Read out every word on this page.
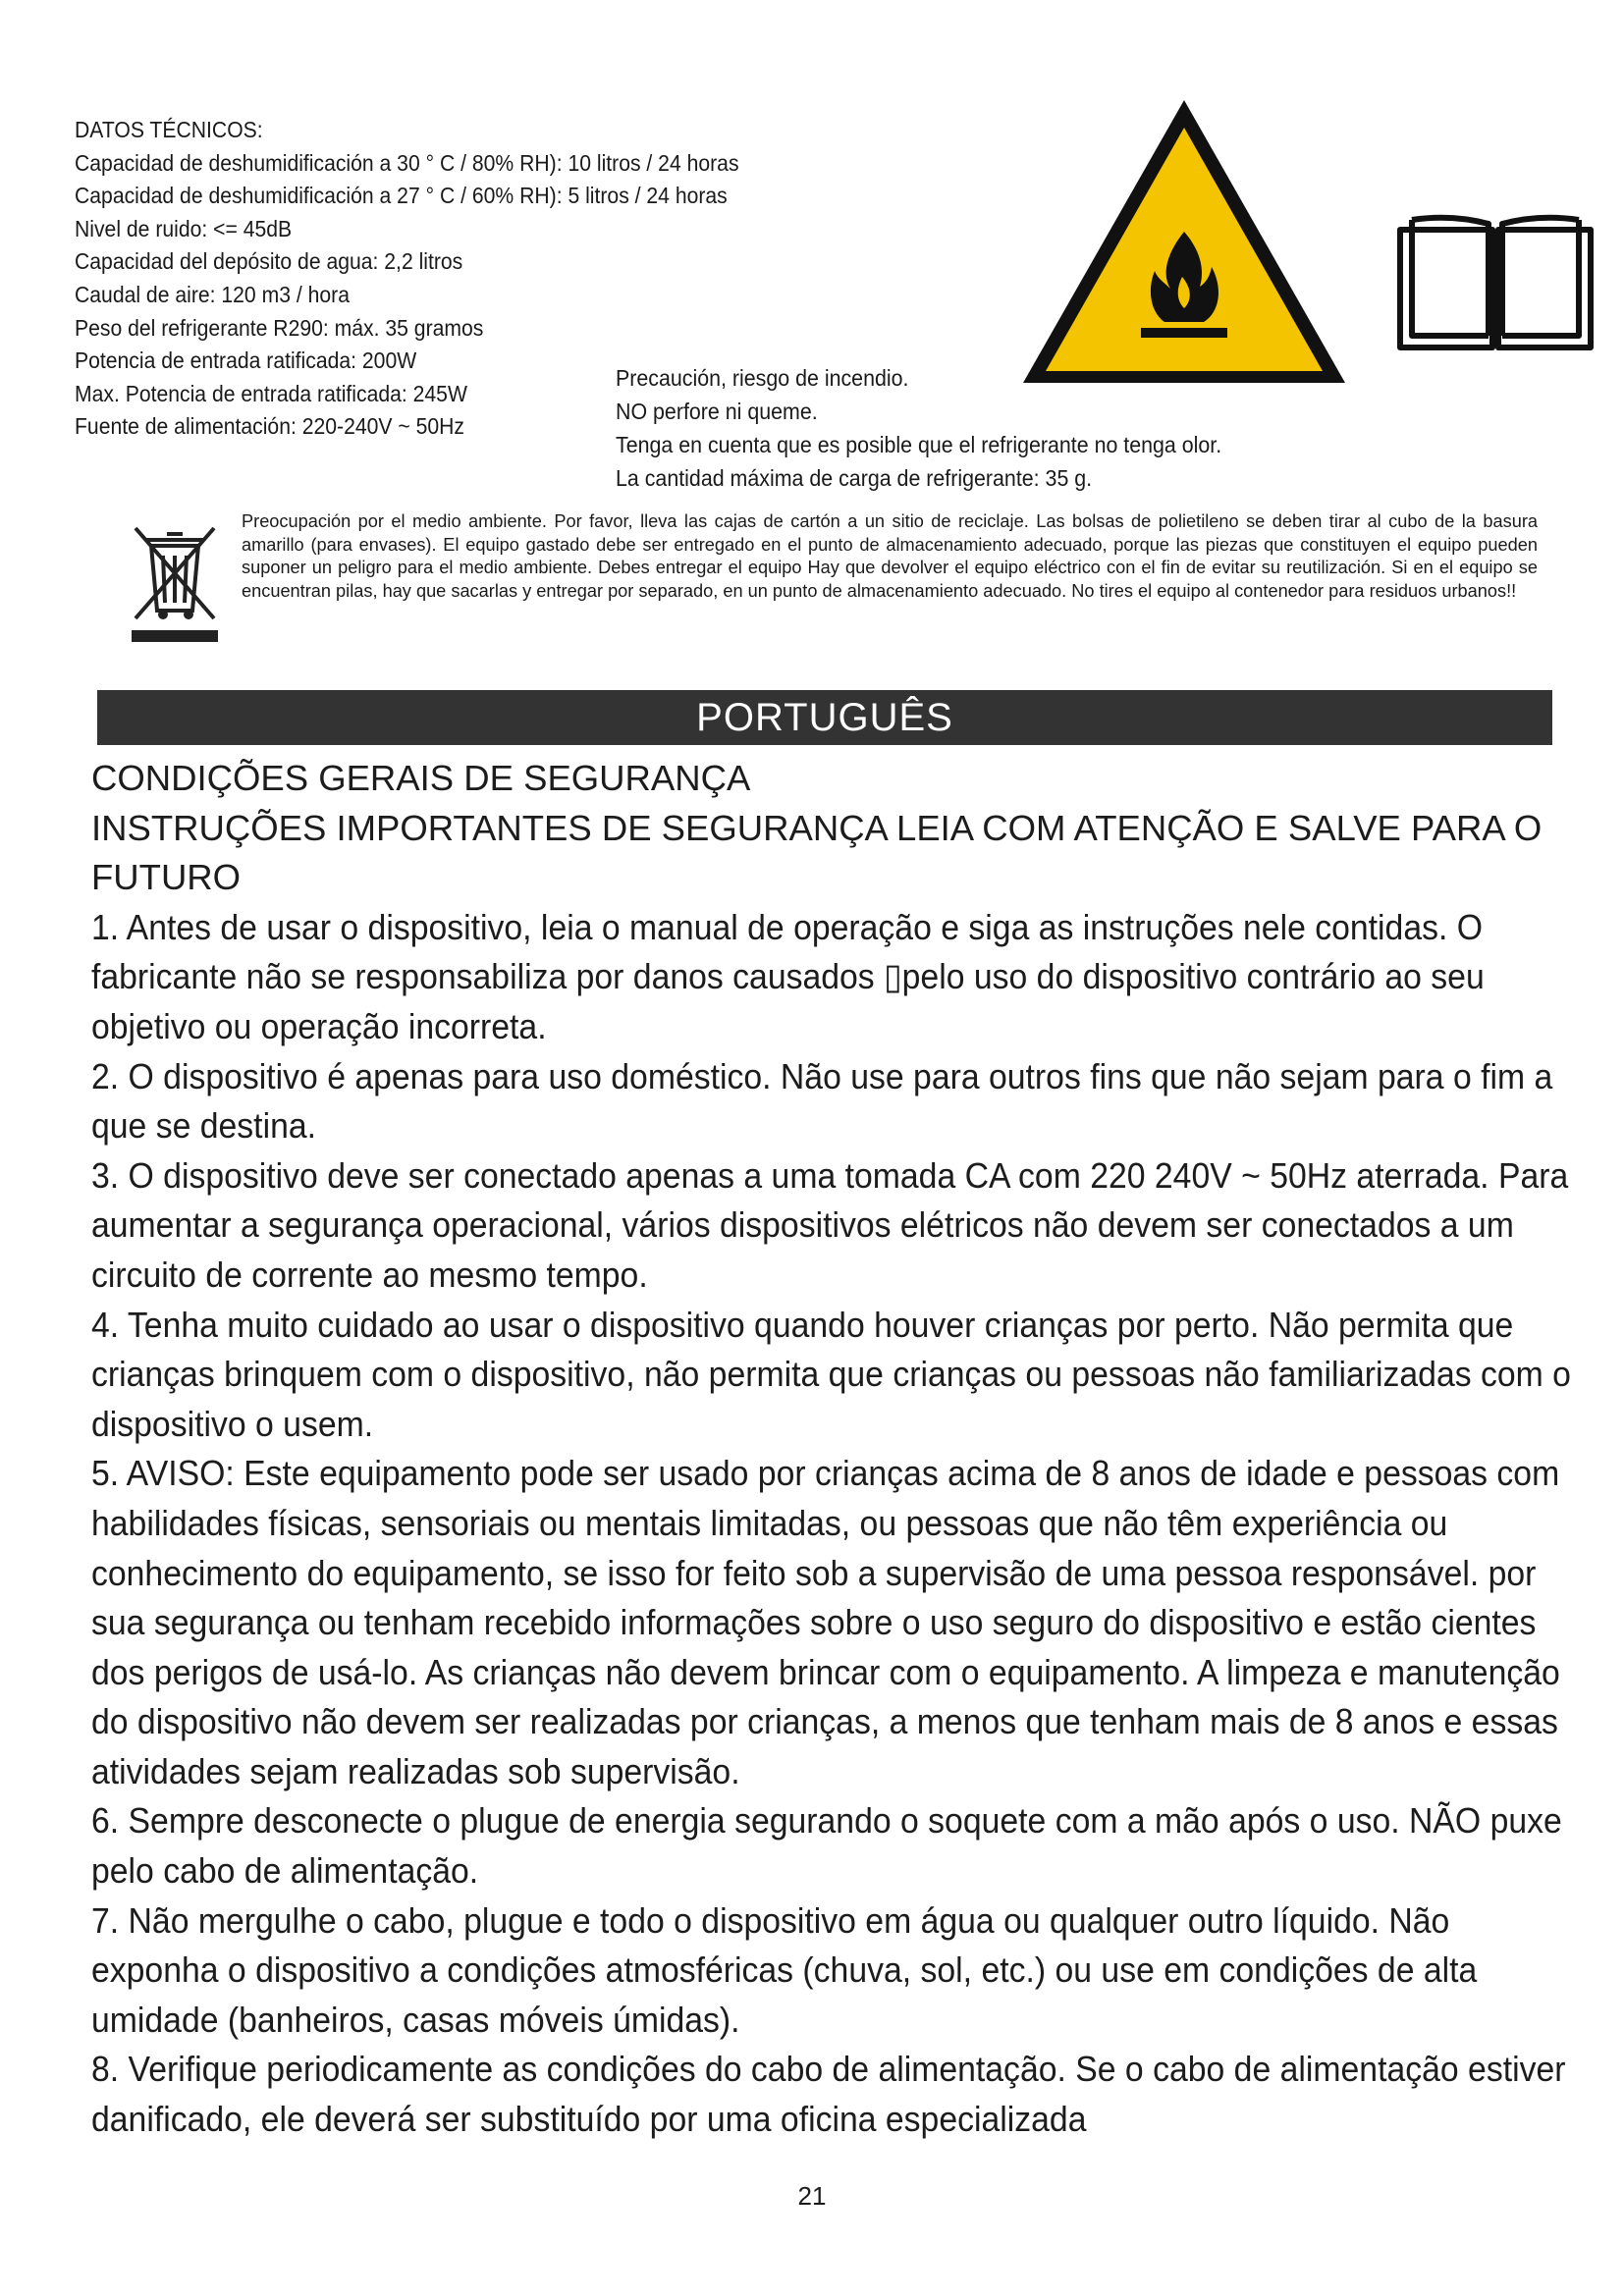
DATOS TÉCNICOS:
Capacidad de deshumidificación a 30 ° C / 80% RH): 10 litros / 24 horas
Capacidad de deshumidificación a 27 ° C / 60% RH): 5 litros / 24 horas
Nivel de ruido: <= 45dB
Capacidad del depósito de agua: 2,2 litros
Caudal de aire: 120 m3 / hora
Peso del refrigerante R290: máx. 35 gramos
Potencia de entrada ratificada: 200W
Max. Potencia de entrada ratificada: 245W
Fuente de alimentación: 220-240V ~ 50Hz
Precaución, riesgo de incendio.
NO perfore ni queme.
Tenga en cuenta que es posible que el refrigerante no tenga olor.
La cantidad máxima de carga de refrigerante: 35 g.
Preocupación por el medio ambiente. Por favor, lleva las cajas de cartón a un sitio de reciclaje. Las bolsas de polietileno se deben tirar al cubo de la basura amarillo (para envases). El equipo gastado debe ser entregado en el punto de almacenamiento adecuado, porque las piezas que constituyen el equipo pueden suponer un peligro para el medio ambiente. Debes entregar el equipo Hay que devolver el equipo eléctrico con el fin de evitar su reutilización. Si en el equipo se encuentran pilas, hay que sacarlas y entregar por separado, en un punto de almacenamiento adecuado. No tires el equipo al contenedor para residuos urbanos!!
PORTUGUÊS

CONDIÇÕES GERAIS DE SEGURANÇA

INSTRUÇÕES IMPORTANTES DE SEGURANÇA LEIA COM ATENÇÃO E SALVE PARA O FUTURO

1. Antes de usar o dispositivo, leia o manual de operação e siga as instruções nele contidas. O fabricante não se responsabiliza por danos causados ▯pelo uso do dispositivo contrário ao seu objetivo ou operação incorreta.

2. O dispositivo é apenas para uso doméstico. Não use para outros fins que não sejam para o fim a que se destina.

3. O dispositivo deve ser conectado apenas a uma tomada CA com 220 240V ~ 50Hz aterrada. Para aumentar a segurança operacional, vários dispositivos elétricos não devem ser conectados a um circuito de corrente ao mesmo tempo.

4. Tenha muito cuidado ao usar o dispositivo quando houver crianças por perto. Não permita que crianças brinquem com o dispositivo, não permita que crianças ou pessoas não familiarizadas com o dispositivo o usem.

5. AVISO: Este equipamento pode ser usado por crianças acima de 8 anos de idade e pessoas com habilidades físicas, sensoriais ou mentais limitadas, ou pessoas que não têm experiência ou conhecimento do equipamento, se isso for feito sob a supervisão de uma pessoa responsável. por sua segurança ou tenham recebido informações sobre o uso seguro do dispositivo e estão cientes dos perigos de usá-lo. As crianças não devem brincar com o equipamento. A limpeza e manutenção do dispositivo não devem ser realizadas por crianças, a menos que tenham mais de 8 anos e essas atividades sejam realizadas sob supervisão.

6. Sempre desconecte o plugue de energia segurando o soquete com a mão após o uso. NÃO puxe pelo cabo de alimentação.

7. Não mergulhe o cabo, plugue e todo o dispositivo em água ou qualquer outro líquido. Não exponha o dispositivo a condições atmosféricas (chuva, sol, etc.) ou use em condições de alta umidade (banheiros, casas móveis úmidas).

8. Verifique periodicamente as condições do cabo de alimentação. Se o cabo de alimentação estiver danificado, ele deverá ser substituído por uma oficina especializada

21
